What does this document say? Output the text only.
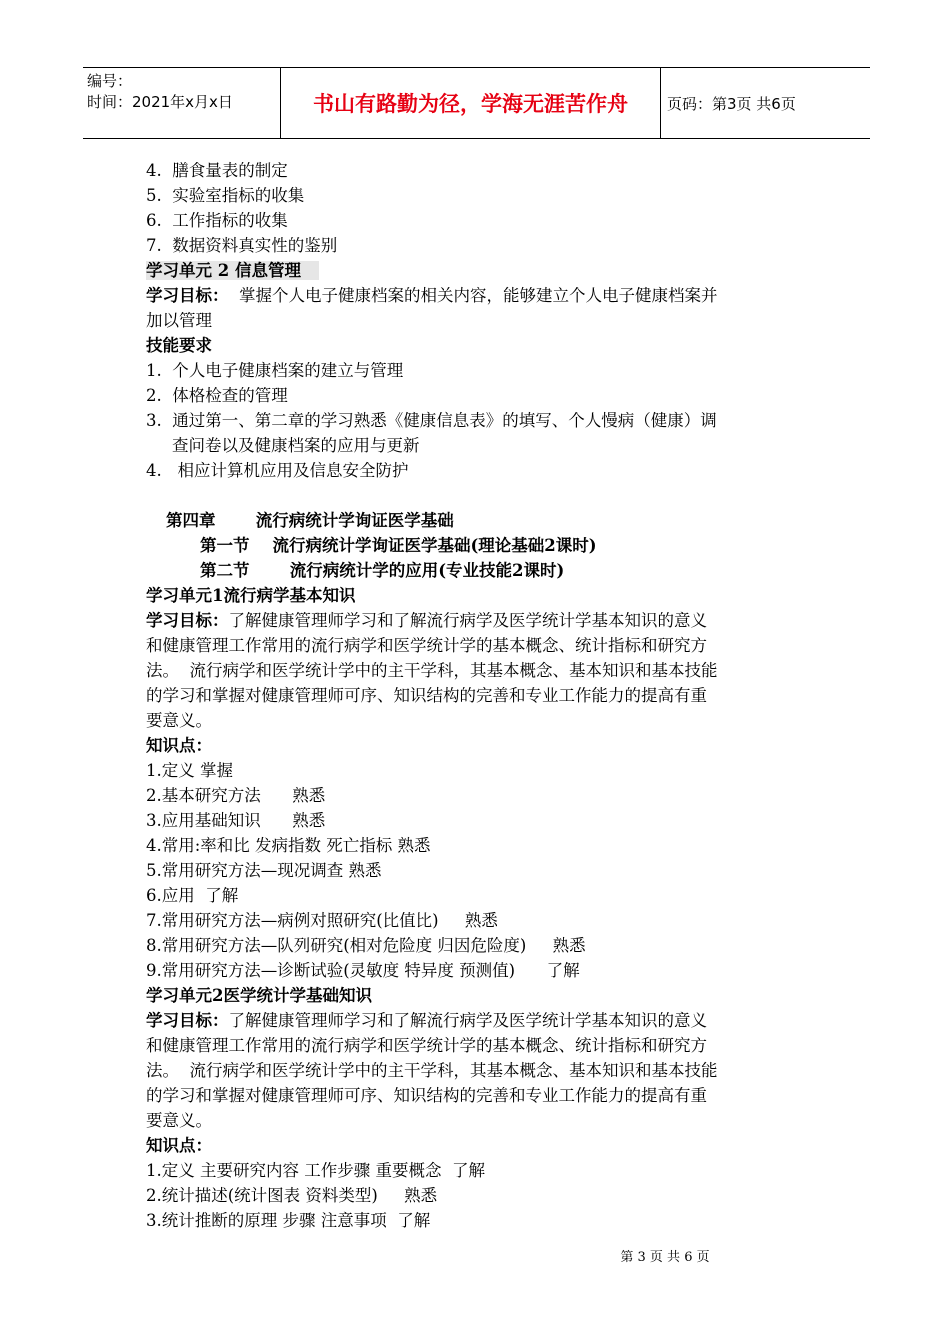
编号：
时间：2021年x月x日	书山有路勤为径，学海无涯苦作舟	页码：第3页 共6页
4.  膳食量表的制定
5.  实验室指标的收集
6.  工作指标的收集
7.  数据资料真实性的鉴别
学习单元 2 信息管理
学习目标：  掌握个人电子健康档案的相关内容，能够建立个人电子健康档案并
加以管理
技能要求
1.  个人电子健康档案的建立与管理
2.  体格检查的管理
3.  通过第一、第二章的学习熟悉《健康信息表》的填写、个人慢病（健康）调
查问卷以及健康档案的应用与更新
4.   相应计算机应用及信息安全防护
第四章       流行病统计学询证医学基础
第一节    流行病统计学询证医学基础(理论基础2课时)
第二节       流行病统计学的应用(专业技能2课时)
学习单元1流行病学基本知识
学习目标：了解健康管理师学习和了解流行病学及医学统计学基本知识的意义
和健康管理工作常用的流行病学和医学统计学的基本概念、统计指标和研究方
法。  流行病学和医学统计学中的主干学科，其基本概念、基本知识和基本技能
的学习和掌握对健康管理师可序、知识结构的完善和专业工作能力的提高有重
要意义。
知识点：
1.定义 掌握
2.基本研究方法      熟悉
3.应用基础知识      熟悉
4.常用:率和比 发病指数 死亡指标 熟悉
5.常用研究方法—现况调查 熟悉
6.应用  了解
7.常用研究方法—病例对照研究(比值比)     熟悉
8.常用研究方法—队列研究(相对危险度 归因危险度)     熟悉
9.常用研究方法—诊断试验(灵敏度 特异度 预测值)      了解
学习单元2医学统计学基础知识
学习目标：了解健康管理师学习和了解流行病学及医学统计学基本知识的意义
和健康管理工作常用的流行病学和医学统计学的基本概念、统计指标和研究方
法。  流行病学和医学统计学中的主干学科，其基本概念、基本知识和基本技能
的学习和掌握对健康管理师可序、知识结构的完善和专业工作能力的提高有重
要意义。
知识点：
1.定义 主要研究内容 工作步骤 重要概念  了解
2.统计描述(统计图表 资料类型)     熟悉
3.统计推断的原理 步骤 注意事项  了解
第 3 页 共 6 页
